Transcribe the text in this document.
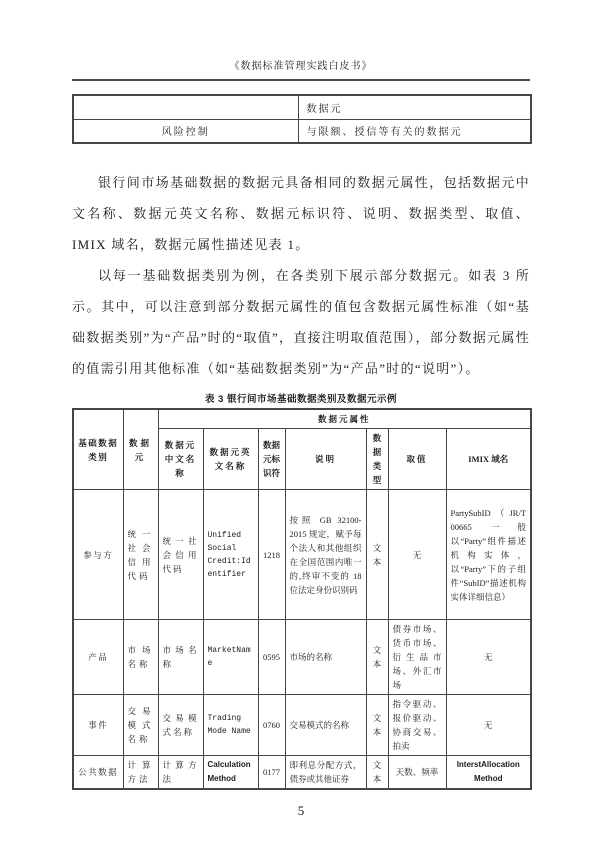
《数据标准管理实践白皮书》
	数据元
风险控制	与限额、授信等有关的数据元

银行间市场基础数据的数据元具备相同的数据元属性，包括数据元中文名称、数据元英文名称、数据元标识符、说明、数据类型、取值、IMIX 域名，数据元属性描述见表 1。

以每一基础数据类别为例，在各类别下展示部分数据元。如表 3 所示。其中，可以注意到部分数据元属性的值包含数据元属性标准（如“基础数据类别”为“产品”时的“取值”，直接注明取值范围），部分数据元属性的值需引用其他标准（如“基础数据类别”为“产品”时的“说明”）。

表 3 银行间市场基础数据类别及数据元示例
基础数据类别	数据元	数据元属性						
		数据元中文名称	数据元英文名称	数据元标识符	说明	数据类型	取值	IMIX 域名
参与方	统一社会信用代码	统一社会信用代码	Unified Social Credit:Identifier	1218	按照 GB 32100-2015 规定，赋予每个法人和其他组织在全国范围内唯一的,终审不变的 18 位法定身份识别码	文本	无	PartySubID（JR/T 00665 一般以“Party”组件描述机构实体，以“Party”下的子组件“SubID”描述机构实体详细信息）
产品	市场名称	市场名称	MarketName	0595	市场的名称	文本	债券市场、货币市场、衍生品市场、外汇市场	无
事件	交易模式名称	交易模式名称	Trading Mode Name	0760	交易模式的名称	文本	指令驱动、报价驱动、协商交易、拍卖	无
公共数据	计算方法	计算方法	Calculation Method	0177	即利息分配方式，债券或其他证券	文本	天数、频率	InterstAllocation Method
5
